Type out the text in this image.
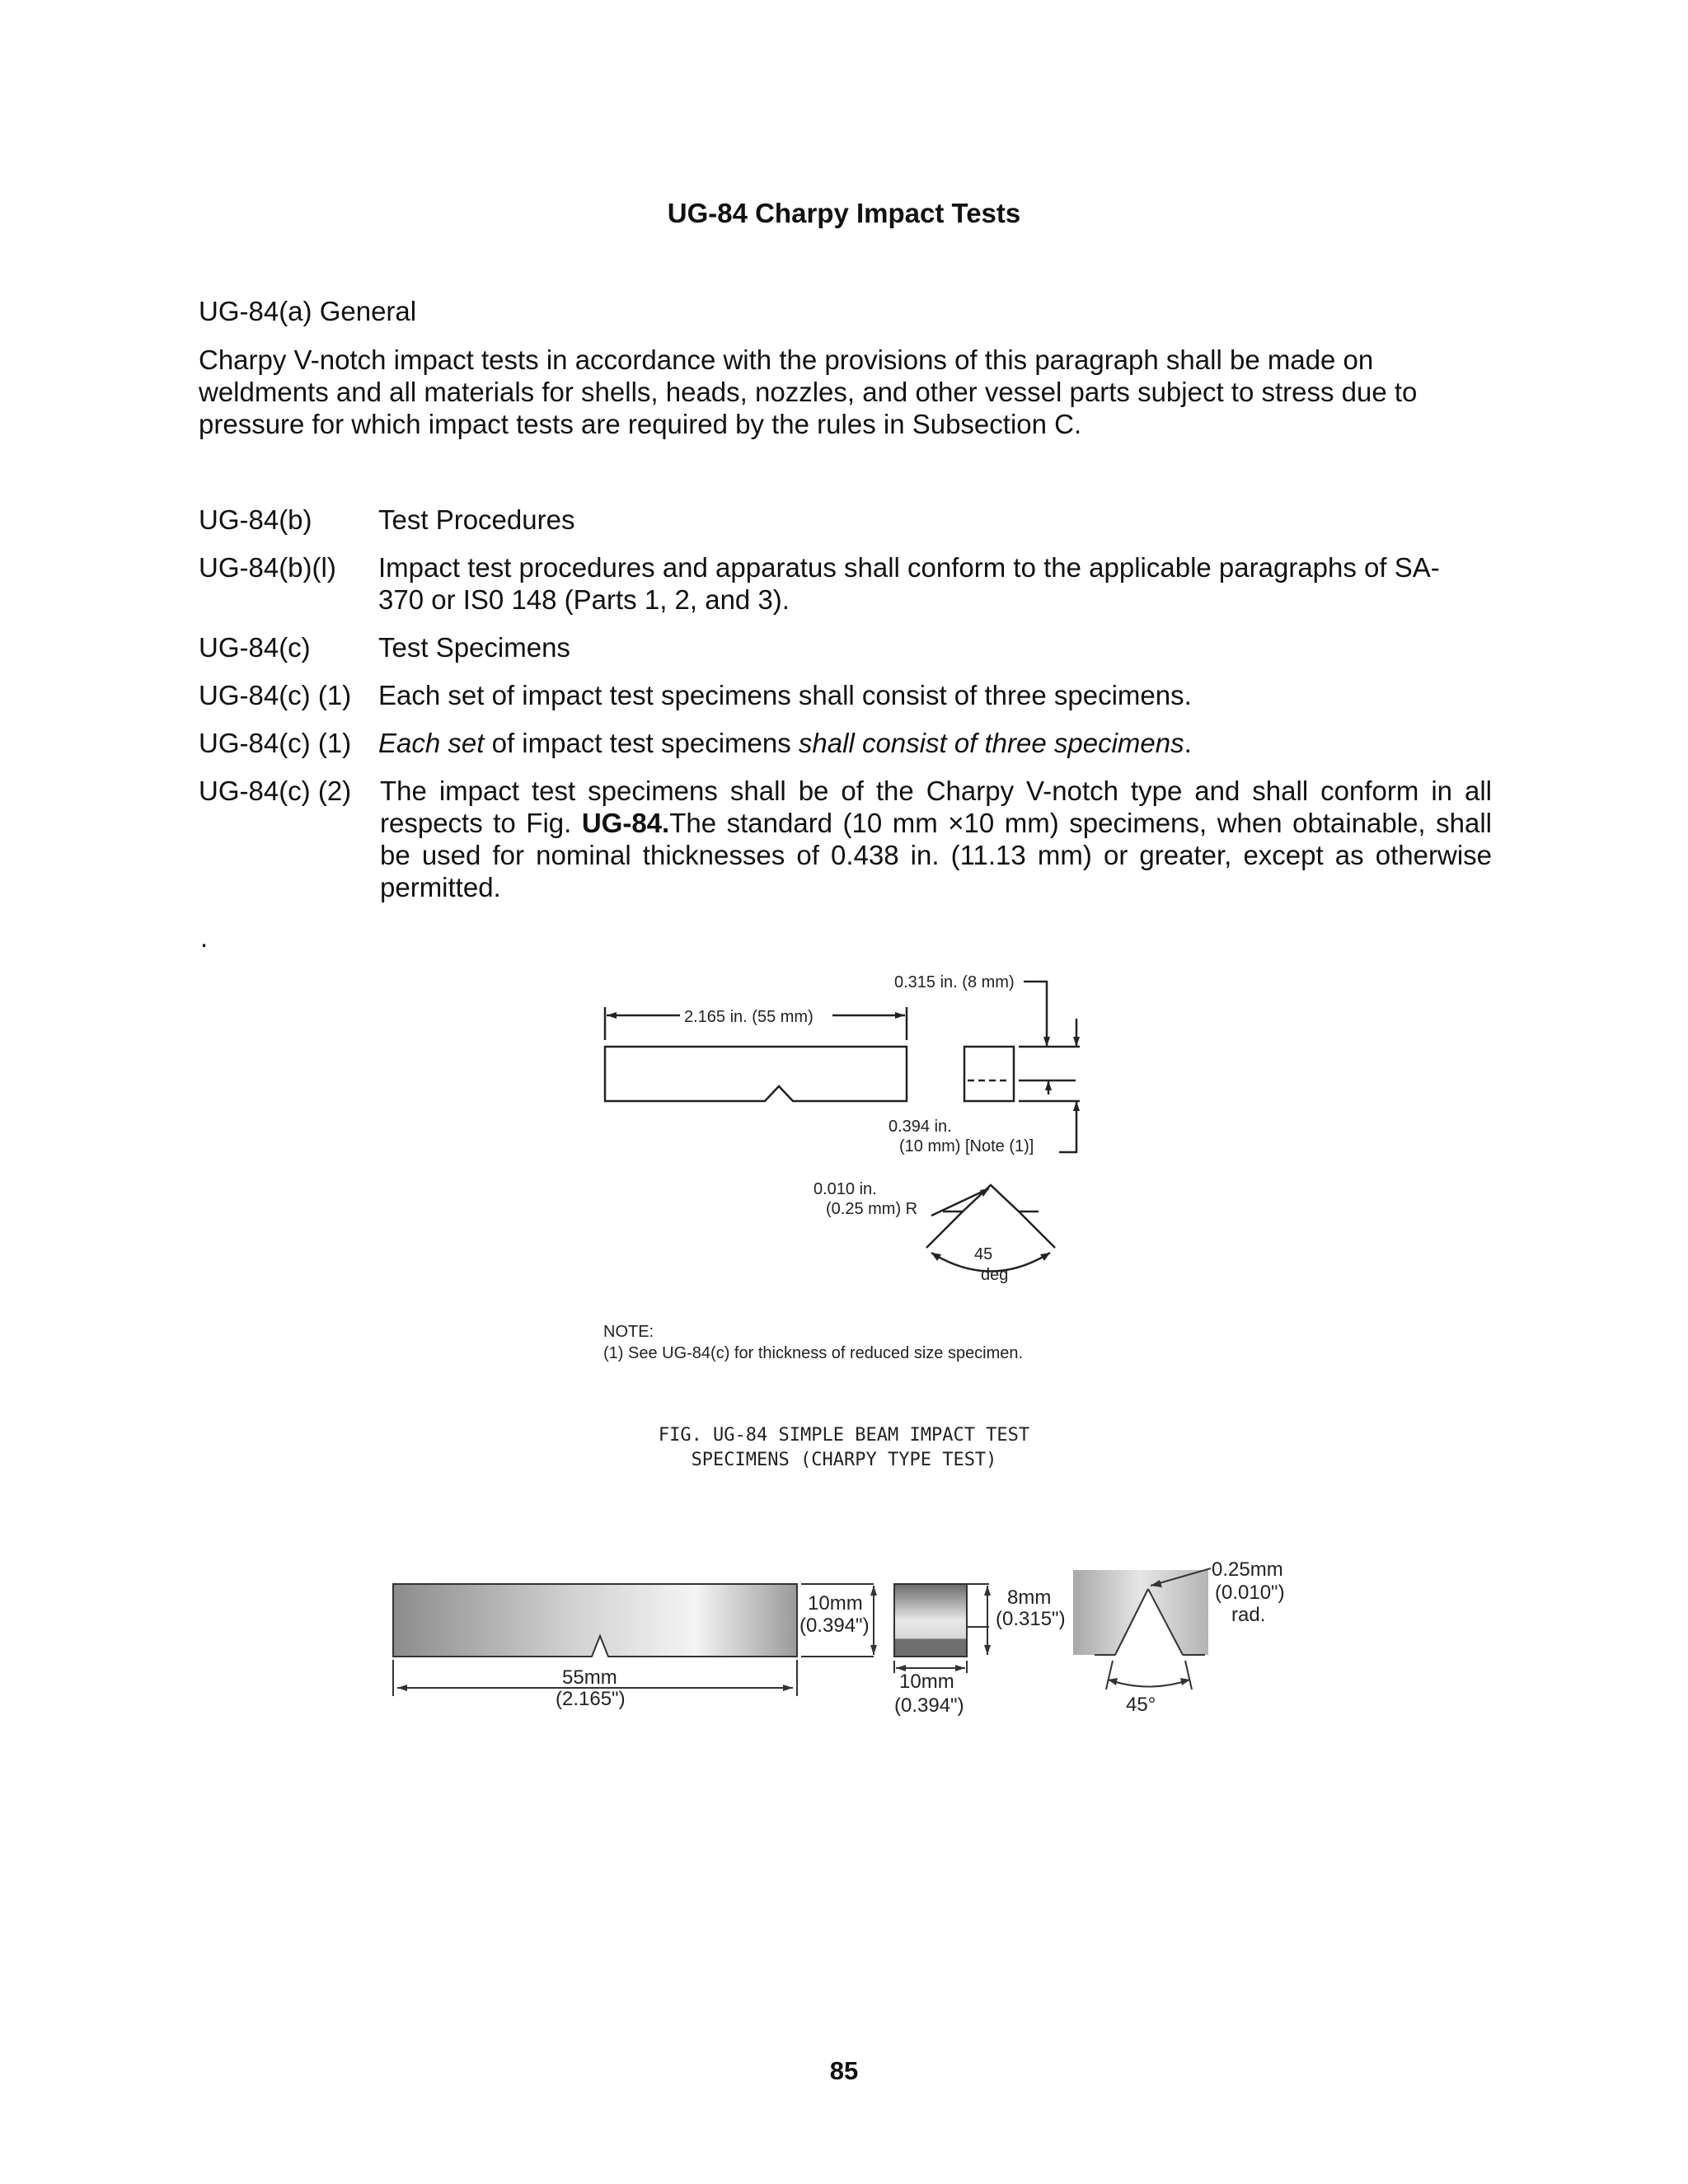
UG-84 Charpy Impact Tests
UG-84(a) General
Charpy V-notch impact tests in accordance with the provisions of this paragraph shall be made on weldments and all materials for shells, heads, nozzles, and other vessel parts subject to stress due to pressure for which impact tests are required by the rules in Subsection C.
UG-84(b)	Test Procedures
UG-84(b)(l)	Impact test procedures and apparatus shall conform to the applicable paragraphs of SA-370 or IS0 148 (Parts 1, 2, and 3).
UG-84(c)	Test Specimens
UG-84(c) (1) Each set of impact test specimens shall consist of three specimens.
UG-84(c) (1) Each set of impact test specimens shall consist of three specimens.
UG-84(c) (2)	The impact test specimens shall be of the Charpy V-notch type and shall conform in all respects to Fig. UG-84.The standard (10 mm ×10 mm) specimens, when obtainable, shall be used for nominal thicknesses of 0.438 in. (11.13 mm) or greater, except as otherwise permitted.
.
2.165 in. (55 mm)
0.315 in. (8 mm)
0.394 in.
(10 mm) [Note (1)]
0.010 in.
(0.25 mm) R
45
deg
NOTE:
(1) See UG-84(c) for thickness of reduced size specimen.
FIG. UG-84 SIMPLE BEAM IMPACT TEST
SPECIMENS (CHARPY TYPE TEST)
55mm
(2.165")
10mm
(0.394")
10mm
(0.394")
8mm
(0.315")
0.25mm
(0.010")
rad.
45°
85
